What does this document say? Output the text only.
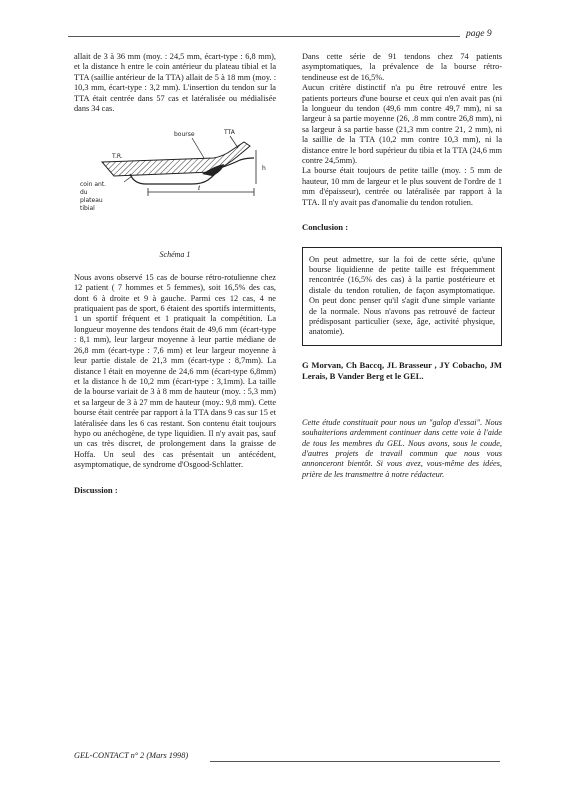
page 9

allait de 3 à 36 mm (moy. : 24,5 mm, écart-type : 6,8 mm), et la distance h entre le coin antérieur du plateau tibial et la TTA (saillie antérieur de la TTA) allait de 5 à 18 mm (moy. : 10,3 mm, écart-type : 3,2 mm). L'insertion du tendon sur la TTA était centrée dans 57 cas et latéralisée ou médialisée dans 34 cas.

T.R.
bourse	TTA
h
ℓ
coin ant.
du
plateau
tibial
Schéma 1

Nous avons observé 15 cas de bourse rétro-rotulienne chez 12 patient ( 7 hommes et 5 femmes), soit 16,5% des cas, dont 6 à droite et 9 à gauche. Parmi ces 12 cas, 4 ne pratiquaient pas de sport, 6 étaient des sportifs intermittents, 1 un sportif fréquent et 1 pratiquait la compétition. La longueur moyenne des tendons était de 49,6 mm (écart-type : 8,1 mm), leur largeur moyenne à leur partie médiane de 26,8 mm (écart-type : 7,6 mm) et leur largeur moyenne à leur partie distale de 21,3 mm (écart-type : 8,7mm). La distance l était en moyenne de 24,6 mm (écart-type 6,8mm) et la distance h de 10,2 mm (écart-type : 3,1mm). La taille de la bourse variait de 3 à 8 mm de hauteur (moy. : 5,3 mm) et sa largeur de 3 à 27 mm de hauteur (moy.: 9,8 mm). Cette bourse était centrée par rapport à la TTA dans 9 cas sur 15 et latéralisée dans les 6 cas restant. Son contenu était toujours hypo ou anéchogène, de type liquidien. Il n'y avait pas, sauf un cas très discret, de prolongement dans la graisse de Hoffa. Un seul des cas présentait un antécédent, asymptomatique, de syndrome d'Osgood-Schlatter.

Discussion :

Dans cette série de 91 tendons chez 74 patients asymptomatiques, la prévalence de la bourse rétro-tendineuse est de 16,5%.

Aucun critère distinctif n'a pu être retrouvé entre les patients porteurs d'une bourse et ceux qui n'en avait pas (ni la longueur du tendon (49,6 mm contre 49,7 mm), ni sa largeur à sa partie moyenne (26, .8 mm contre 26,8 mm), ni sa largeur à sa partie basse (21,3 mm contre 21, 2 mm), ni la saillie de la TTA (10,2 mm contre 10,3 mm), ni la distance entre le bord supérieur du tibia et la TTA (24,6 mm contre 24,5mm).

La bourse était toujours de petite taille (moy. : 5 mm de hauteur, 10 mm de largeur et le plus souvent de l'ordre de 1 mm d'épaisseur), centrée ou latéralisée par rapport à la TTA. Il n'y avait pas d'anomalie du tendon rotulien.

Conclusion :
On peut admettre, sur la foi de cette série, qu'une bourse liquidienne de petite taille est fréquemment rencontrée (16,5% des cas) à la partie postérieure et distale du tendon rotulien, de façon asymptomatique. On peut donc penser qu'il s'agit d'une simple variante de la normale. Nous n'avons pas retrouvé de facteur prédisposant particulier (sexe, âge, activité physique, anatomie).
G Morvan, Ch Baccq, JL Brasseur , JY Cobacho, JM Lerais, B Vander Berg et le GEL.
Cette étude constituait pour nous un "galop d'essai". Nous souhaiterions ardemment continuer dans cette voie à l'aide de tous les membres du GEL. Nous avons, sous le coude, d'autres projets de travail commun que nous vous annonceront bientôt. Si vous avez, vous-même des idées, prière de les transmettre à notre rédacteur.
GEL-CONTACT n° 2 (Mars 1998)
